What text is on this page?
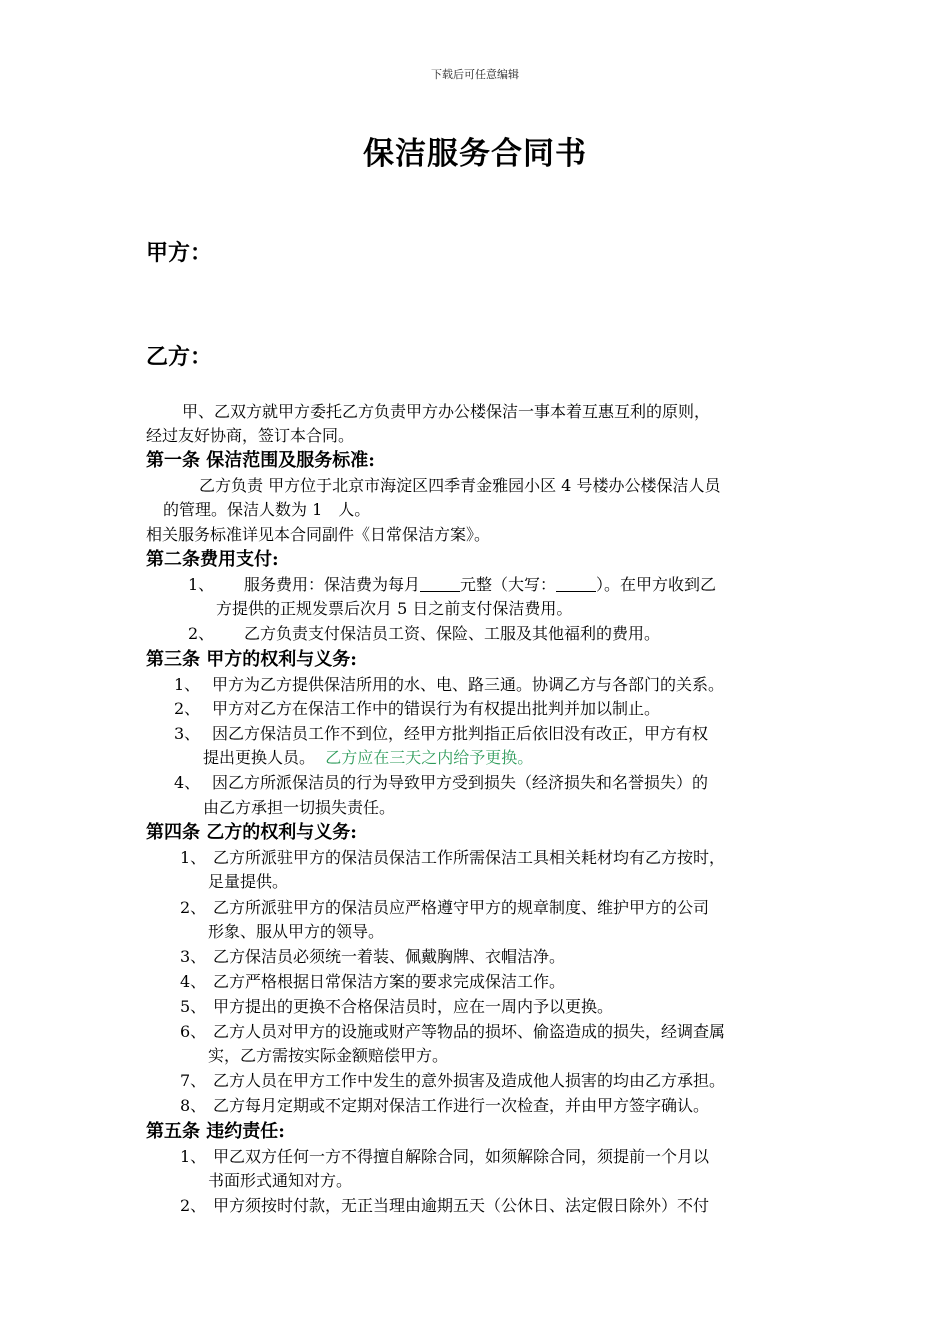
下载后可任意编辑
保洁服务合同书
甲方：
乙方：
甲、乙双方就甲方委托乙方负责甲方办公楼保洁一事本着互惠互利的原则，
经过友好协商，签订本合同。
第一条 保洁范围及服务标准:
乙方负责 甲方位于北京市海淀区四季青金雅园小区 4 号楼办公楼保洁人员
的管理。保洁人数为 1　人。
相关服务标准详见本合同副件《日常保洁方案》。
第二条费用支付:
1、 服务费用：保洁费为每月	元整（大写：	）。在甲方收到乙
方提供的正规发票后次月 5 日之前支付保洁费用。
2、 乙方负责支付保洁员工资、保险、工服及其他福利的费用。
第三条 甲方的权利与义务:
1、 甲方为乙方提供保洁所用的水、电、路三通。协调乙方与各部门的关系。
2、 甲方对乙方在保洁工作中的错误行为有权提出批判并加以制止。
3、 因乙方保洁员工作不到位，经甲方批判指正后依旧没有改正，甲方有权
提出更换人员。 乙方应在三天之内给予更换。
4、 因乙方所派保洁员的行为导致甲方受到损失（经济损失和名誉损失）的
由乙方承担一切损失责任。
第四条 乙方的权利与义务:
1、 乙方所派驻甲方的保洁员保洁工作所需保洁工具相关耗材均有乙方按时，
足量提供。
2、 乙方所派驻甲方的保洁员应严格遵守甲方的规章制度、维护甲方的公司
形象、服从甲方的领导。
3、 乙方保洁员必须统一着装、佩戴胸牌、衣帽洁净。
4、 乙方严格根据日常保洁方案的要求完成保洁工作。
5、 甲方提出的更换不合格保洁员时，应在一周内予以更换。
6、 乙方人员对甲方的设施或财产等物品的损坏、偷盗造成的损失，经调查属
实，乙方需按实际金额赔偿甲方。
7、 乙方人员在甲方工作中发生的意外损害及造成他人损害的均由乙方承担。
8、 乙方每月定期或不定期对保洁工作进行一次检查，并由甲方签字确认。
第五条 违约责任:
1、 甲乙双方任何一方不得擅自解除合同，如须解除合同，须提前一个月以
书面形式通知对方。
2、 甲方须按时付款，无正当理由逾期五天（公休日、法定假日除外）不付
